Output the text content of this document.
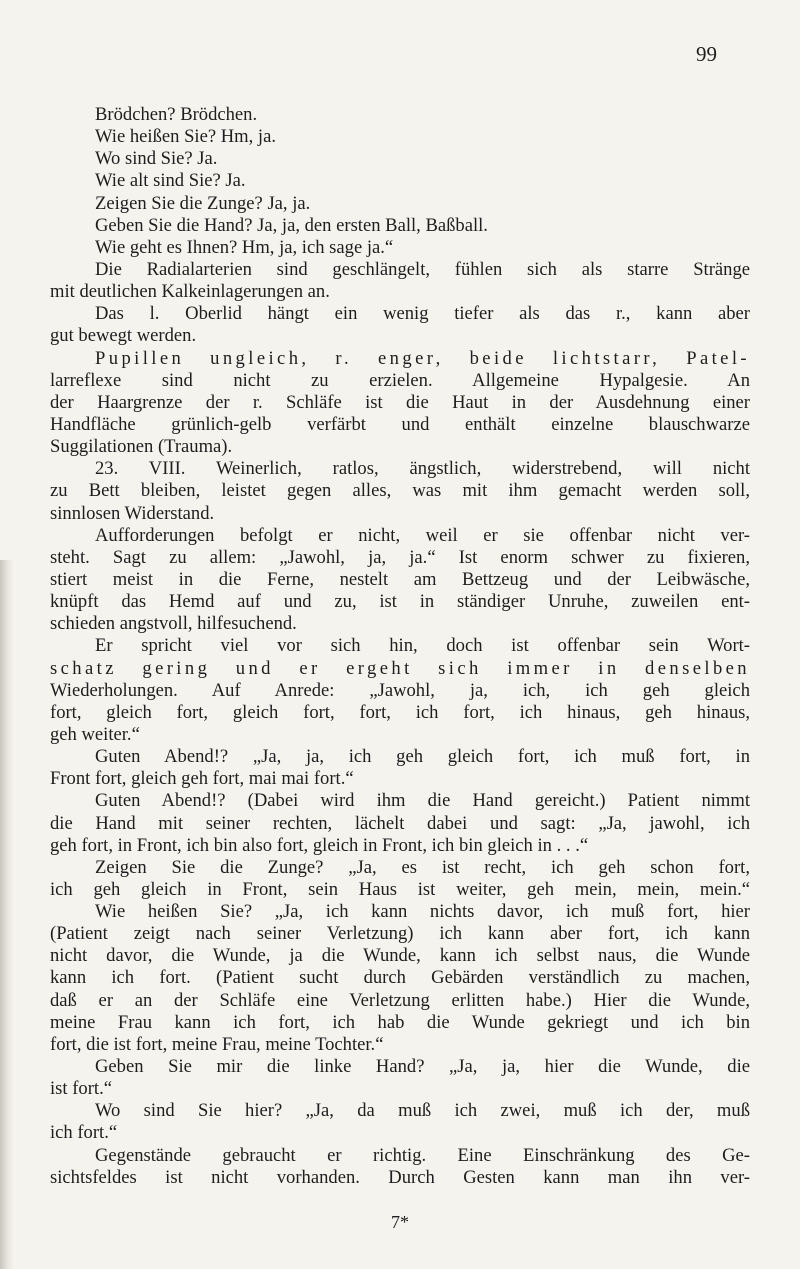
99
Brödchen? Brödchen.
Wie heißen Sie? Hm, ja.
Wo sind Sie? Ja.
Wie alt sind Sie? Ja.
Zeigen Sie die Zunge? Ja, ja.
Geben Sie die Hand? Ja, ja, den ersten Ball, Baßball.
Wie geht es Ihnen? Hm, ja, ich sage ja.“
Die Radialarterien sind geschlängelt, fühlen sich als starre Stränge
mit deutlichen Kalkeinlagerungen an.
Das l. Oberlid hängt ein wenig tiefer als das r., kann aber
gut bewegt werden.
Pupillen ungleich, r. enger, beide lichtstarr, Patel-
larreflexe sind nicht zu erzielen. Allgemeine Hypalgesie. An
der Haargrenze der r. Schläfe ist die Haut in der Ausdehnung einer
Handfläche grünlich-gelb verfärbt und enthält einzelne blauschwarze
Suggilationen (Trauma).
23. VIII. Weinerlich, ratlos, ängstlich, widerstrebend, will nicht
zu Bett bleiben, leistet gegen alles, was mit ihm gemacht werden soll,
sinnlosen Widerstand.
Aufforderungen befolgt er nicht, weil er sie offenbar nicht ver-
steht. Sagt zu allem: „Jawohl, ja, ja.“ Ist enorm schwer zu fixieren,
stiert meist in die Ferne, nestelt am Bettzeug und der Leibwäsche,
knüpft das Hemd auf und zu, ist in ständiger Unruhe, zuweilen ent-
schieden angstvoll, hilfesuchend.
Er spricht viel vor sich hin, doch ist offenbar sein Wort-
schatz gering und er ergeht sich immer in denselben
Wiederholungen. Auf Anrede: „Jawohl, ja, ich, ich geh gleich
fort, gleich fort, gleich fort, fort, ich fort, ich hinaus, geh hinaus,
geh weiter.“
Guten Abend!? „Ja, ja, ich geh gleich fort, ich muß fort, in
Front fort, gleich geh fort, mai mai fort.“
Guten Abend!? (Dabei wird ihm die Hand gereicht.) Patient nimmt
die Hand mit seiner rechten, lächelt dabei und sagt: „Ja, jawohl, ich
geh fort, in Front, ich bin also fort, gleich in Front, ich bin gleich in . . .“
Zeigen Sie die Zunge? „Ja, es ist recht, ich geh schon fort,
ich geh gleich in Front, sein Haus ist weiter, geh mein, mein, mein.“
Wie heißen Sie? „Ja, ich kann nichts davor, ich muß fort, hier
(Patient zeigt nach seiner Verletzung) ich kann aber fort, ich kann
nicht davor, die Wunde, ja die Wunde, kann ich selbst naus, die Wunde
kann ich fort. (Patient sucht durch Gebärden verständlich zu machen,
daß er an der Schläfe eine Verletzung erlitten habe.) Hier die Wunde,
meine Frau kann ich fort, ich hab die Wunde gekriegt und ich bin
fort, die ist fort, meine Frau, meine Tochter.“
Geben Sie mir die linke Hand? „Ja, ja, hier die Wunde, die
ist fort.“
Wo sind Sie hier? „Ja, da muß ich zwei, muß ich der, muß
ich fort.“
Gegenstände gebraucht er richtig. Eine Einschränkung des Ge-
sichtsfeldes ist nicht vorhanden. Durch Gesten kann man ihn ver-
7*
